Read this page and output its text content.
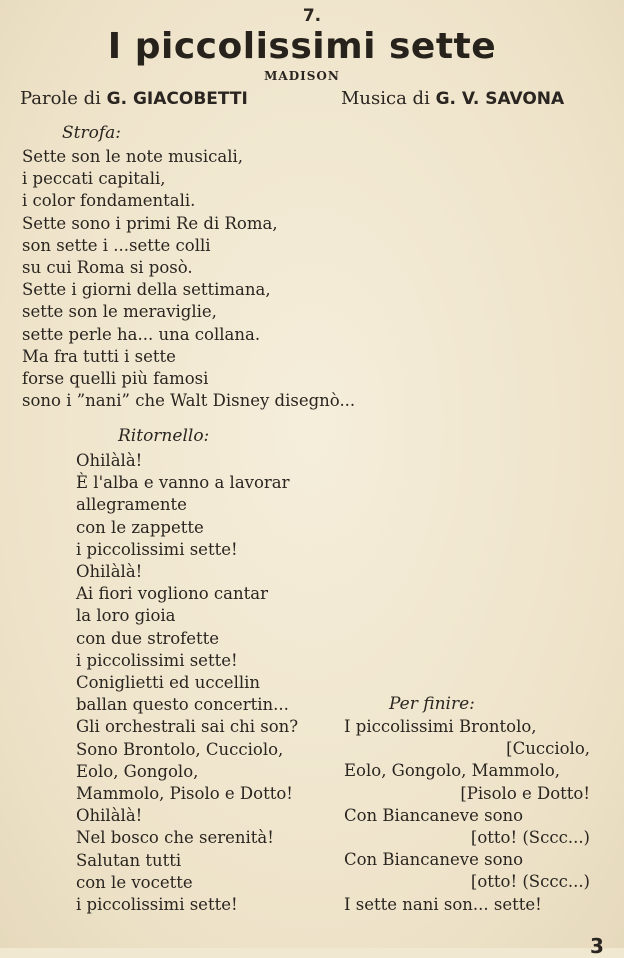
7.
I piccolissimi sette
MADISON
Parole di G. GIACOBETTI	Musica di G. V. SAVONA
Strofa:
Sette son le note musicali,
i peccati capitali,
i color fondamentali.
Sette sono i primi Re di Roma,
son sette i ...sette colli
su cui Roma si posò.
Sette i giorni della settimana,
sette son le meraviglie,
sette perle ha... una collana.
Ma fra tutti i sette
forse quelli più famosi
sono i ”nani” che Walt Disney disegnò...
Ritornello:
Ohilàlà!
È l'alba e vanno a lavorar
allegramente
con le zappette
i piccolissimi sette!
Ohilàlà!
Ai fiori vogliono cantar
la loro gioia
con due strofette
i piccolissimi sette!
Coniglietti ed uccellin
ballan questo concertin...
Gli orchestrali sai chi son?
Sono Brontolo, Cucciolo,
Eolo, Gongolo,
Mammolo, Pisolo e Dotto!
Ohilàlà!
Nel bosco che serenità!
Salutan tutti
con le vocette
i piccolissimi sette!
Per finire:
I piccolissimi Brontolo,
[Cucciolo,
Eolo, Gongolo, Mammolo,
[Pisolo e Dotto!
Con Biancaneve sono
[otto! (Sccc...)
Con Biancaneve sono
[otto! (Sccc...)
I sette nani son... sette!
3
